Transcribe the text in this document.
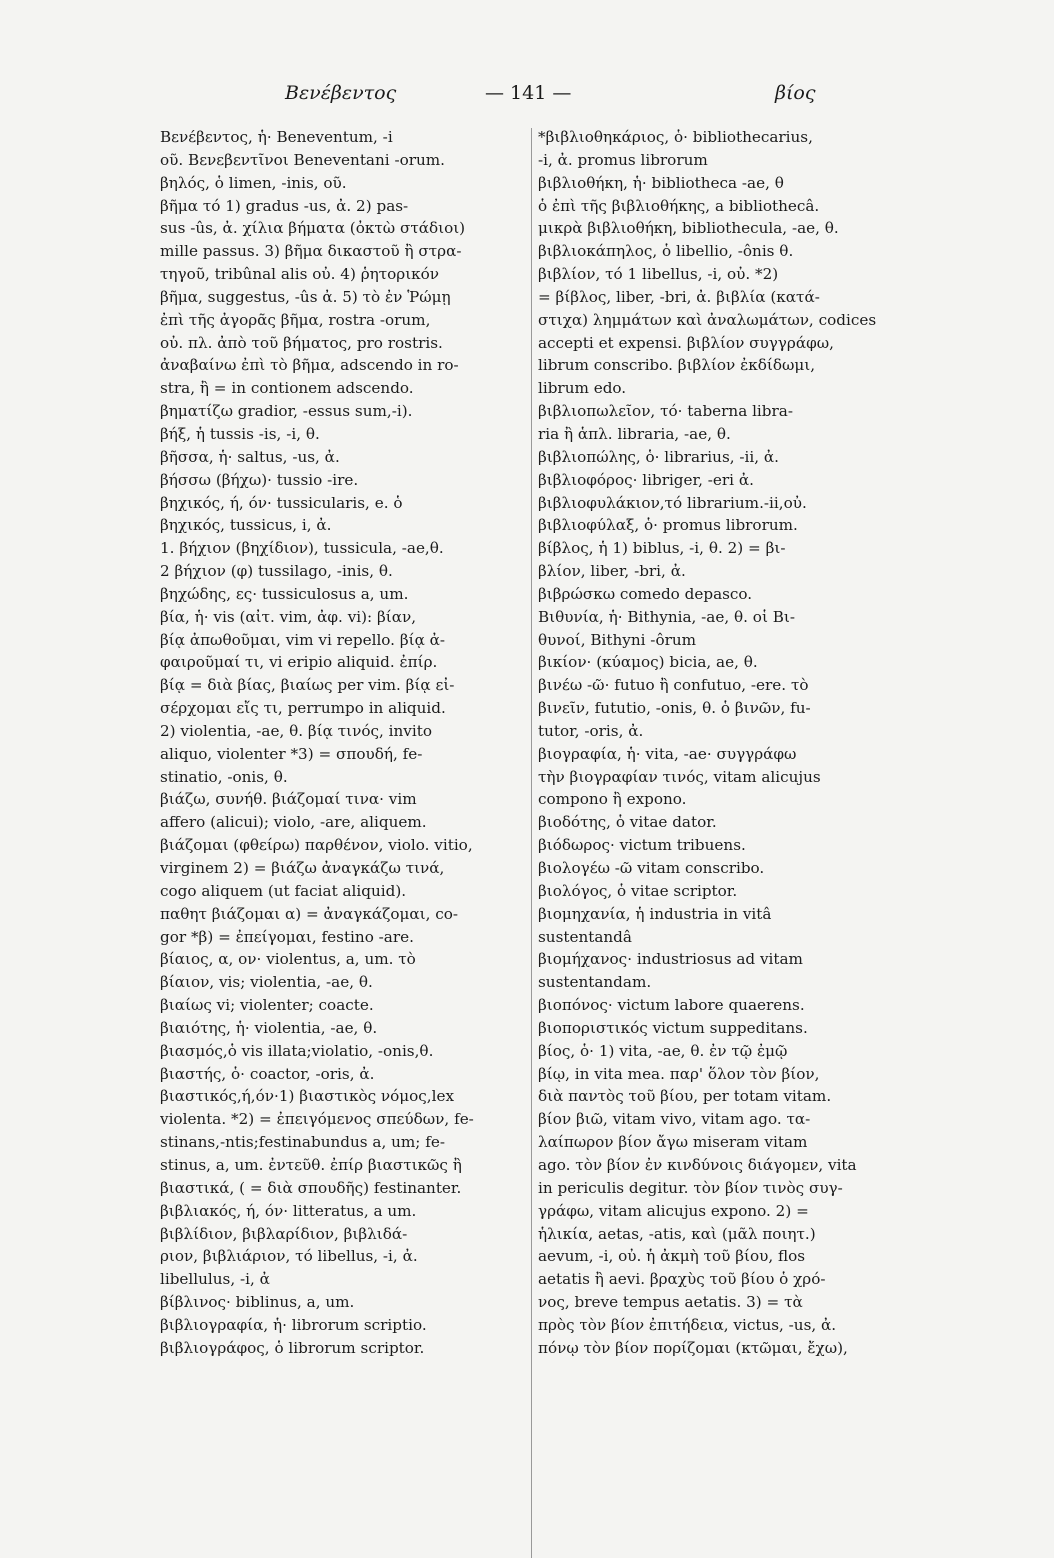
Βενέβεντος	— 141 —	βίος
Βενέβεντος, ἡ· Beneventum, -i
οῦ. Βενεβεντῖνοι Beneventani -orum.
βηλός, ὁ limen, -inis, οῦ.
βῆμα τό 1) gradus -us, ἀ. 2) pas-
sus -ûs, ἀ. χίλια βήματα (ὀκτὼ στάδιοι)
mille passus. 3) βῆμα δικαστοῦ ἢ στρα-
τηγοῦ, tribûnal alis οὐ. 4) ῥητορικόν
βῆμα, suggestus, -ûs ἀ. 5) τὸ ἐν Ῥώμῃ
ἐπὶ τῆς ἀγορᾶς βῆμα, rostra -orum,
οὐ. πλ. ἀπὸ τοῦ βήματος, pro rostris.
ἀναβαίνω ἐπὶ τὸ βῆμα, adscendo in ro-
stra, ἢ = in contionem adscendo.
βηματίζω gradior, -essus sum,-i).
βήξ, ἡ tussis -is, -i, θ.
βῆσσα, ἡ· saltus, -us, ἀ.
βήσσω (βήχω)· tussio -ire.
βηχικός, ή, όν· tussicularis, e. ὁ
βηχικός, tussicus, i, ἀ.
1. βήχιον (βηχίδιον), tussicula, -ae,θ.
2 βήχιον (φ) tussilago, -inis, θ.
βηχώδης, ες· tussiculosus a, um.
βία, ἡ· vis (αἰτ. vim, ἀφ. vi): βίαν,
βίᾳ ἀπωθοῦμαι, vim vi repello. βίᾳ ἀ-
φαιροῦμαί τι, vi eripio aliquid. ἐπίρ.
βίᾳ = διὰ βίας, βιαίως per vim. βίᾳ εἰ-
σέρχομαι εἴς τι, perrumpo in aliquid.
2) violentia, -ae, θ. βίᾳ τινός, invito
aliquo, violenter *3) = σπουδή, fe-
stinatio, -onis, θ.
βιάζω, συνήθ. βιάζομαί τινα· vim
affero (alicui); violo, -are, aliquem.
βιάζομαι (φθείρω) παρθένον, violo. vitio,
virginem 2) = βιάζω ἀναγκάζω τινά,
cogo aliquem (ut faciat aliquid).
παθητ βιάζομαι α) = ἀναγκάζομαι, co-
gor *β) = ἐπείγομαι, festino -are.
βίαιος, α, ον· violentus, a, um. τὸ
βίαιον, vis; violentia, -ae, θ.
βιαίως vi; violenter; coacte.
βιαιότης, ἡ· violentia, -ae, θ.
βιασμός,ὁ vis illata;violatio, -onis,θ.
βιαστής, ὁ· coactor, -oris, ἀ.
βιαστικός,ή,όν·1) βιαστικὸς νόμος,lex
violenta. *2) = ἐπειγόμενος σπεύδων, fe-
stinans,-ntis;festinabundus a, um; fe-
stinus, a, um. ἐντεῦθ. ἐπίρ βιαστικῶς ἢ
βιαστικά, ( = διὰ σπουδῆς) festinanter.
βιβλιακός, ή, όν· litteratus, a um.
βιβλίδιον, βιβλαρίδιον, βιβλιδά-
ριον, βιβλιάριον, τό libellus, -i, ἀ.
libellulus, -i, ἀ
βίβλινος· biblinus, a, um.
βιβλιογραφία, ἡ· librorum scriptio.
βιβλιογράφος, ὁ librorum scriptor.
*βιβλιοθηκάριος, ὁ· bibliothecarius,
-i, ἀ. promus librorum
βιβλιοθήκη, ἡ· bibliotheca -ae, θ
ὁ ἐπὶ τῆς βιβλιοθήκης, a bibliothecâ.
μικρὰ βιβλιοθήκη, bibliothecula, -ae, θ.
βιβλιοκάπηλος, ὁ libellio, -ônis θ.
βιβλίον, τό 1 libellus, -i, οὐ. *2)
= βίβλος, liber, -bri, ἀ. βιβλία (κατά-
στιχα) λημμάτων καὶ ἀναλωμάτων, codices
accepti et expensi. βιβλίον συγγράφω,
librum conscribo. βιβλίον ἐκδίδωμι,
librum edo.
βιβλιοπωλεῖον, τό· taberna libra-
ria ἢ ἁπλ. libraria, -ae, θ.
βιβλιοπώλης, ὁ· librarius, -ii, ἀ.
βιβλιοφόρος· libriger, -eri ἀ.
βιβλιοφυλάκιον,τό librarium.-ii,οὐ.
βιβλιοφύλαξ, ὁ· promus librorum.
βίβλος, ἡ 1) biblus, -i, θ. 2) = βι-
βλίον, liber, -bri, ἀ.
βιβρώσκω comedo depasco.
Βιθυνία, ἡ· Bithynia, -ae, θ. οἱ Βι-
θυνοί, Bithyni -ôrum
βικίον· (κύαμος) bicia, ae, θ.
βινέω -ῶ· futuo ἢ confutuo, -ere. τὸ
βινεῖν, fututio, -onis, θ. ὁ βινῶν, fu-
tutor, -oris, ἀ.
βιογραφία, ἡ· vita, -ae· συγγράφω
τὴν βιογραφίαν τινός, vitam alicujus
compono ἢ expono.
βιοδότης, ὁ vitae dator.
βιόδωρος· victum tribuens.
βιολογέω -ῶ vitam conscribo.
βιολόγος, ὁ vitae scriptor.
βιομηχανία, ἡ industria in vitâ
sustentandâ
βιομήχανος· industriosus ad vitam
sustentandam.
βιοπόνος· victum labore quaerens.
βιοποριστικός victum suppeditans.
βίος, ὁ· 1) vita, -ae, θ. ἐν τῷ ἐμῷ
βίῳ, in vita mea. παρ' ὅλον τὸν βίον,
διὰ παντὸς τοῦ βίου, per totam vitam.
βίον βιῶ, vitam vivo, vitam ago. τα-
λαίπωρον βίον ἄγω miseram vitam
ago. τὸν βίον ἐν κινδύνοις διάγομεν, vita
in periculis degitur. τὸν βίον τινὸς συγ-
γράφω, vitam alicujus expono. 2) =
ἡλικία, aetas, -atis, καὶ (μᾶλ ποιητ.)
aevum, -i, οὐ. ἡ ἀκμὴ τοῦ βίου, flos
aetatis ἢ aevi. βραχὺς τοῦ βίου ὁ χρό-
νος, breve tempus aetatis. 3) = τὰ
πρὸς τὸν βίον ἐπιτήδεια, victus, -us, ἀ.
πόνῳ τὸν βίον πορίζομαι (κτῶμαι, ἔχω),
